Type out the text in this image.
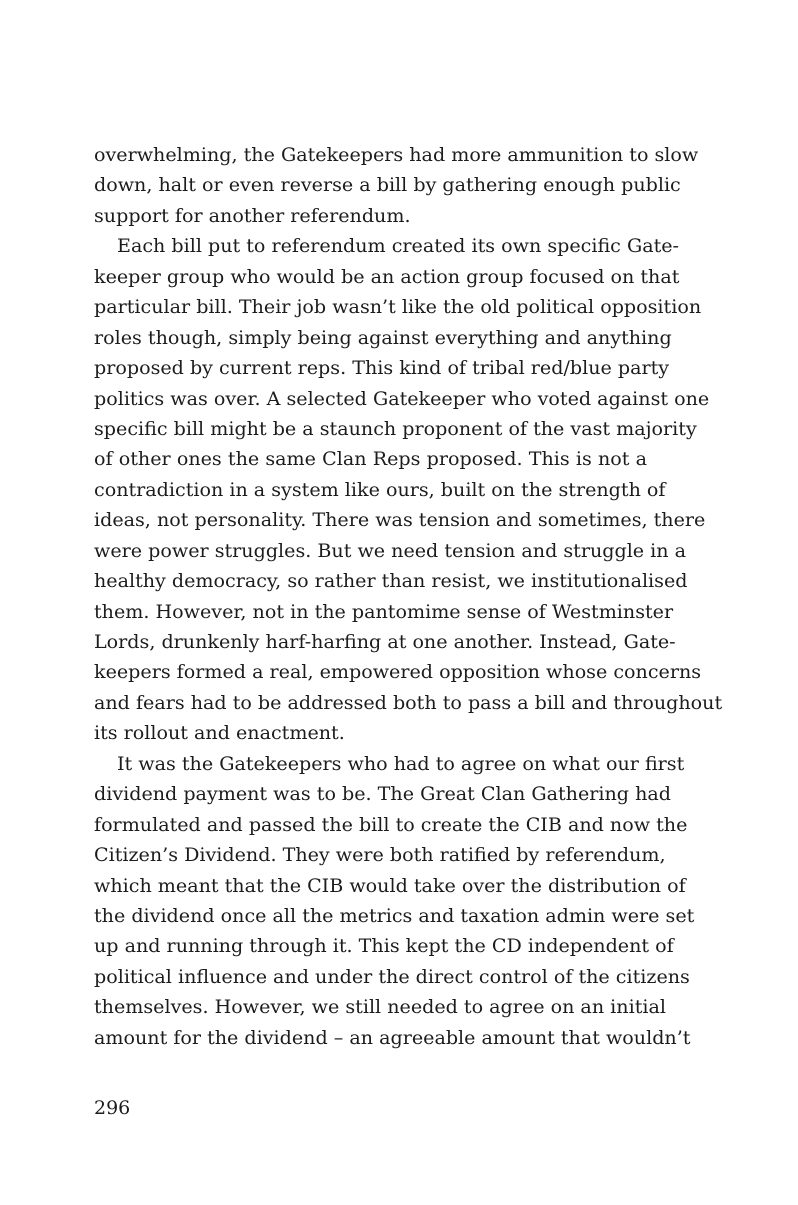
overwhelming, the Gatekeepers had more ammunition to slow
down, halt or even reverse a bill by gathering enough public
support for another referendum.
Each bill put to referendum created its own specific Gate-
keeper group who would be an action group focused on that
particular bill. Their job wasn’t like the old political opposition
roles though, simply being against everything and anything
proposed by current reps. This kind of tribal red/blue party
politics was over. A selected Gatekeeper who voted against one
specific bill might be a staunch proponent of the vast majority
of other ones the same Clan Reps proposed. This is not a
contradiction in a system like ours, built on the strength of
ideas, not personality. There was tension and sometimes, there
were power struggles. But we need tension and struggle in a
healthy democracy, so rather than resist, we institutionalised
them. However, not in the pantomime sense of Westminster
Lords, drunkenly harf-harfing at one another. Instead, Gate-
keepers formed a real, empowered opposition whose concerns
and fears had to be addressed both to pass a bill and throughout
its rollout and enactment.
It was the Gatekeepers who had to agree on what our first
dividend payment was to be. The Great Clan Gathering had
formulated and passed the bill to create the CIB and now the
Citizen’s Dividend. They were both ratified by referendum,
which meant that the CIB would take over the distribution of
the dividend once all the metrics and taxation admin were set
up and running through it. This kept the CD independent of
political influence and under the direct control of the citizens
themselves. However, we still needed to agree on an initial
amount for the dividend – an agreeable amount that wouldn’t
296
